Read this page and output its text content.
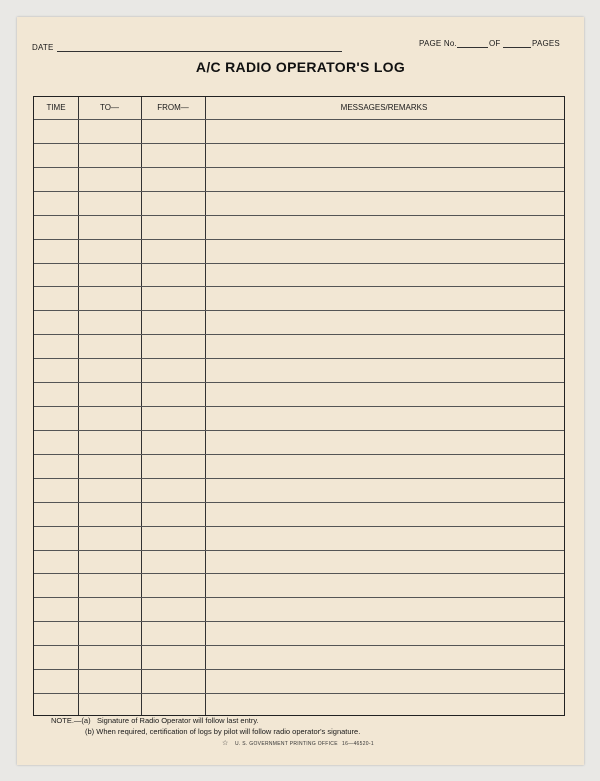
DATE	PAGE No.	OF	PAGES
A/C RADIO OPERATOR'S LOG
TIME	TO—	FROM—	MESSAGES/REMARKS
NOTE.—(a) Signature of Radio Operator will follow last entry.
(b) When required, certification of logs by pilot will follow radio operator's signature.
☆ U. S. GOVERNMENT PRINTING OFFICE 16—46520-1
